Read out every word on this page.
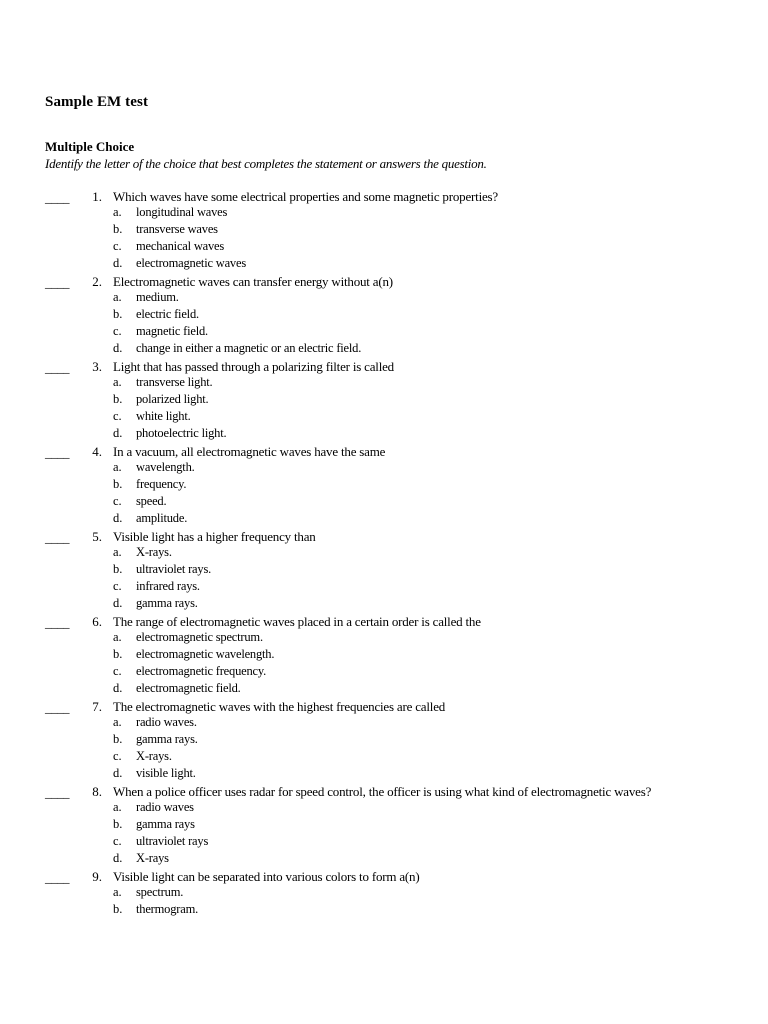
Sample EM test
Multiple Choice
Identify the letter of the choice that best completes the statement or answers the question.
____	1. Which waves have some electrical properties and some magnetic properties?
a. longitudinal waves
b. transverse waves
c. mechanical waves
d. electromagnetic waves
____	2. Electromagnetic waves can transfer energy without a(n)
a. medium.
b. electric field.
c. magnetic field.
d. change in either a magnetic or an electric field.
____	3. Light that has passed through a polarizing filter is called
a. transverse light.
b. polarized light.
c. white light.
d. photoelectric light.
____	4. In a vacuum, all electromagnetic waves have the same
a. wavelength.
b. frequency.
c. speed.
d. amplitude.
____	5. Visible light has a higher frequency than
a. X-rays.
b. ultraviolet rays.
c. infrared rays.
d. gamma rays.
____	6. The range of electromagnetic waves placed in a certain order is called the
a. electromagnetic spectrum.
b. electromagnetic wavelength.
c. electromagnetic frequency.
d. electromagnetic field.
____	7. The electromagnetic waves with the highest frequencies are called
a. radio waves.
b. gamma rays.
c. X-rays.
d. visible light.
____	8. When a police officer uses radar for speed control, the officer is using what kind of electromagnetic waves?
a. radio waves
b. gamma rays
c. ultraviolet rays
d. X-rays
____	9. Visible light can be separated into various colors to form a(n)
a. spectrum.
b. thermogram.
